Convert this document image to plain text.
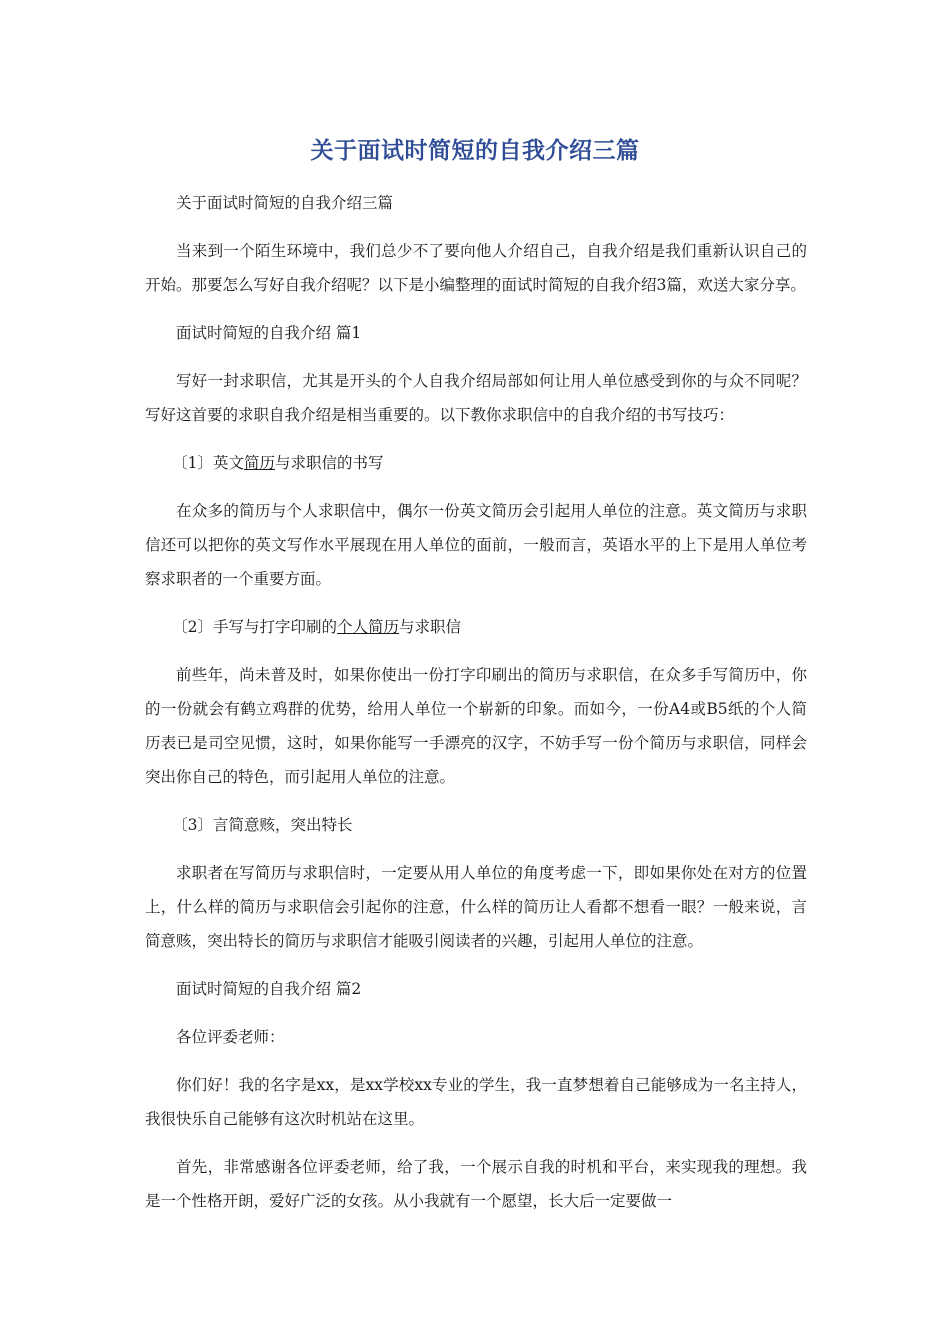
关于面试时简短的自我介绍三篇

关于面试时简短的自我介绍三篇

当来到一个陌生环境中，我们总少不了要向他人介绍自己，自我介绍是我们重新认识自己的开始。那要怎么写好自我介绍呢？以下是小编整理的面试时简短的自我介绍3篇，欢送大家分享。

面试时简短的自我介绍 篇1

写好一封求职信，尤其是开头的个人自我介绍局部如何让用人单位感受到你的与众不同呢？写好这首要的求职自我介绍是相当重要的。以下教你求职信中的自我介绍的书写技巧：

〔1〕英文简历与求职信的书写

在众多的简历与个人求职信中，偶尔一份英文简历会引起用人单位的注意。英文简历与求职信还可以把你的英文写作水平展现在用人单位的面前，一般而言，英语水平的上下是用人单位考察求职者的一个重要方面。

〔2〕手写与打字印刷的个人简历与求职信

前些年，尚未普及时，如果你使出一份打字印刷出的简历与求职信，在众多手写简历中，你的一份就会有鹤立鸡群的优势，给用人单位一个崭新的印象。而如今，一份A4或B5纸的个人简历表已是司空见惯，这时，如果你能写一手漂亮的汉字，不妨手写一份个简历与求职信，同样会突出你自己的特色，而引起用人单位的注意。

〔3〕言简意赅，突出特长

求职者在写简历与求职信时，一定要从用人单位的角度考虑一下，即如果你处在对方的位置上，什么样的简历与求职信会引起你的注意，什么样的简历让人看都不想看一眼？一般来说，言简意赅，突出特长的简历与求职信才能吸引阅读者的兴趣，引起用人单位的注意。

面试时简短的自我介绍 篇2

各位评委老师：

你们好！我的名字是xx，是xx学校xx专业的学生，我一直梦想着自己能够成为一名主持人，我很快乐自己能够有这次时机站在这里。

首先，非常感谢各位评委老师，给了我，一个展示自我的时机和平台，来实现我的理想。我是一个性格开朗，爱好广泛的女孩。从小我就有一个愿望，长大后一定要做一
